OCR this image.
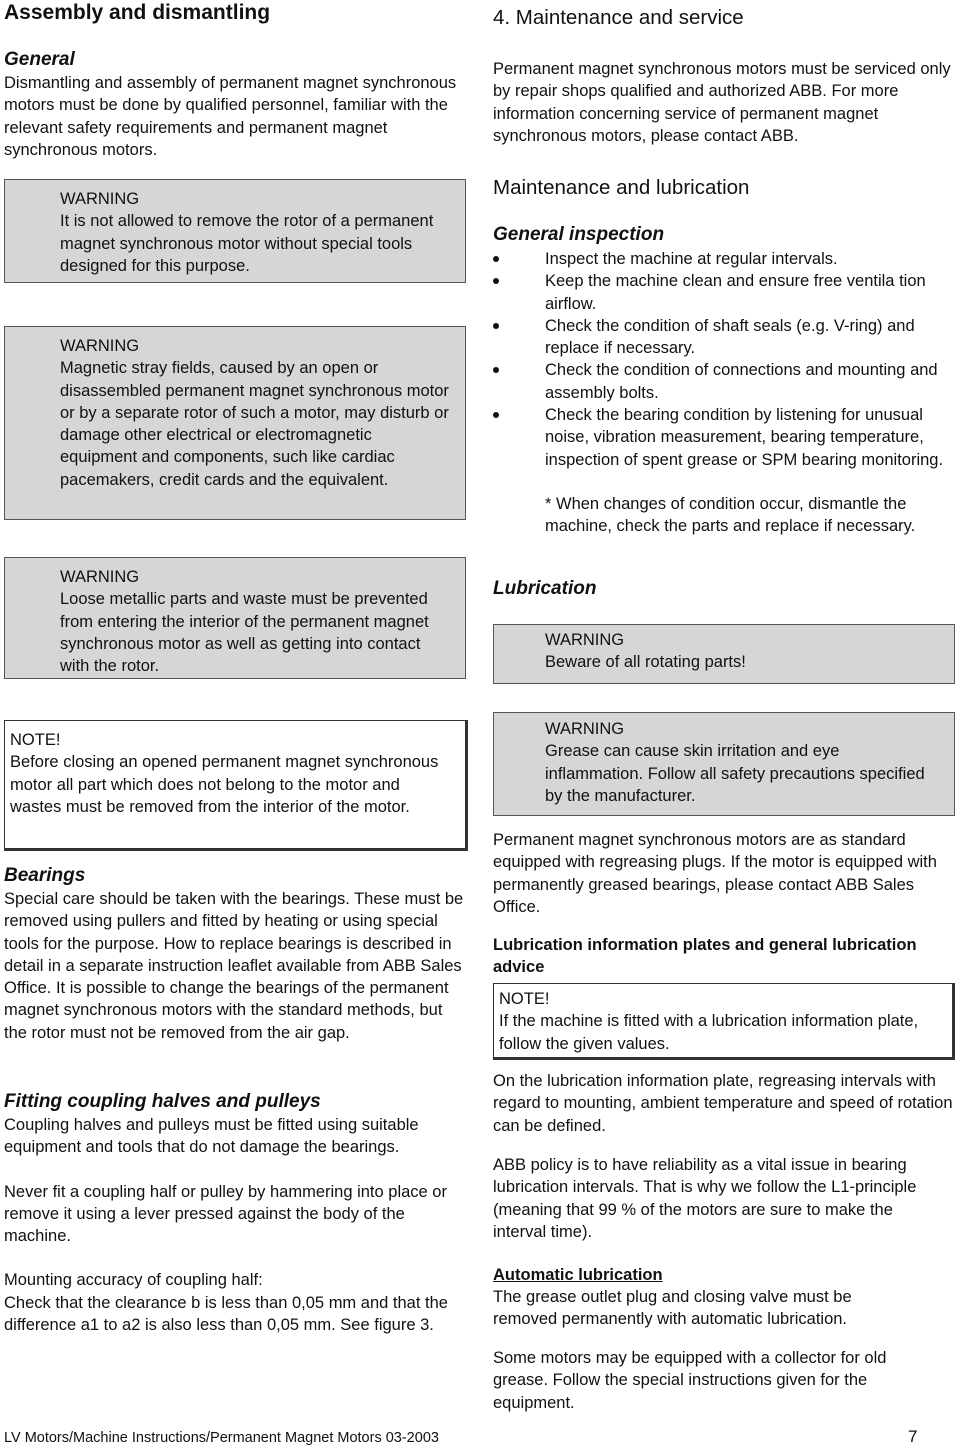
Assembly and dismantling

General

Dismantling and assembly of permanent magnet synchronous motors must be done by qualified personnel, familiar with the relevant safety requirements and permanent magnet synchronous motors.

WARNING

It is not allowed to remove the rotor of a permanent magnet synchronous motor without special tools designed for this purpose.

WARNING

Magnetic stray fields, caused by an open or disassembled permanent magnet synchronous motor or by a separate rotor of such a motor, may disturb or damage other electrical or electromagnetic equipment and components, such like cardiac pacemakers, credit cards and the equivalent.

WARNING

Loose metallic parts and waste must be prevented from entering the interior of the permanent magnet synchronous motor as well as getting into contact with the rotor.

NOTE!

Before closing an opened permanent magnet synchronous motor all part which does not belong to the motor and wastes must be removed from the interior of the motor.

Bearings

Special care should be taken with the bearings. These must be removed using pullers and fitted by heating or using special tools for the purpose. How to replace bearings is described in detail in a separate instruction leaflet available from ABB Sales Office. It is possible to change the bearings of the permanent magnet synchronous motors with the standard methods, but the rotor must not be removed from the air gap.

Fitting coupling halves and pulleys

Coupling halves and pulleys must be fitted using suitable equipment and tools that do not damage the bearings.

Never fit a coupling half or pulley by hammering into place or remove it using a lever pressed against the body of the machine.

Mounting accuracy of coupling half:

Check that the clearance b is less than 0,05 mm and that the difference a1 to a2 is also less than 0,05 mm. See figure 3.

4. Maintenance and service

Permanent magnet synchronous motors must be serviced only by repair shops qualified and authorized ABB. For more information concerning service of permanent magnet synchronous motors, please contact ABB.

Maintenance and lubrication

General inspection

Inspect the machine at regular intervals.
Keep the machine clean and ensure free ventila tion airflow.
Check the condition of shaft seals (e.g. V-ring) and replace if necessary.
Check the condition of connections and mounting and assembly bolts.
Check the bearing condition by listening for unusual noise, vibration measurement, bearing temperature, inspection of spent grease or SPM bearing monitoring.

* When changes of condition occur, dismantle the machine, check the parts and replace if necessary.

Lubrication

WARNING

Beware of all rotating parts!

WARNING

Grease can cause skin irritation and eye inflammation. Follow all safety precautions specified by the manufacturer.

Permanent magnet synchronous motors are as standard equipped with regreasing plugs. If the motor is equipped with permanently greased bearings, please contact ABB Sales Office.

Lubrication information plates and general lubrication advice

NOTE!

If the machine is fitted with a lubrication information plate, follow the given values.

On the lubrication information plate, regreasing intervals with regard to mounting, ambient temperature and speed of rotation can be defined.

ABB policy is to have reliability as a vital issue in bearing lubrication intervals. That is why we follow the L1-principle (meaning that 99 % of the motors are sure to make the interval time).

Automatic lubrication

The grease outlet plug and closing valve must be removed permanently with automatic lubrication.

Some motors may be equipped with a collector for old grease. Follow the special instructions given for the equipment.

LV Motors/Machine Instructions/Permanent Magnet Motors 03-2003	7
